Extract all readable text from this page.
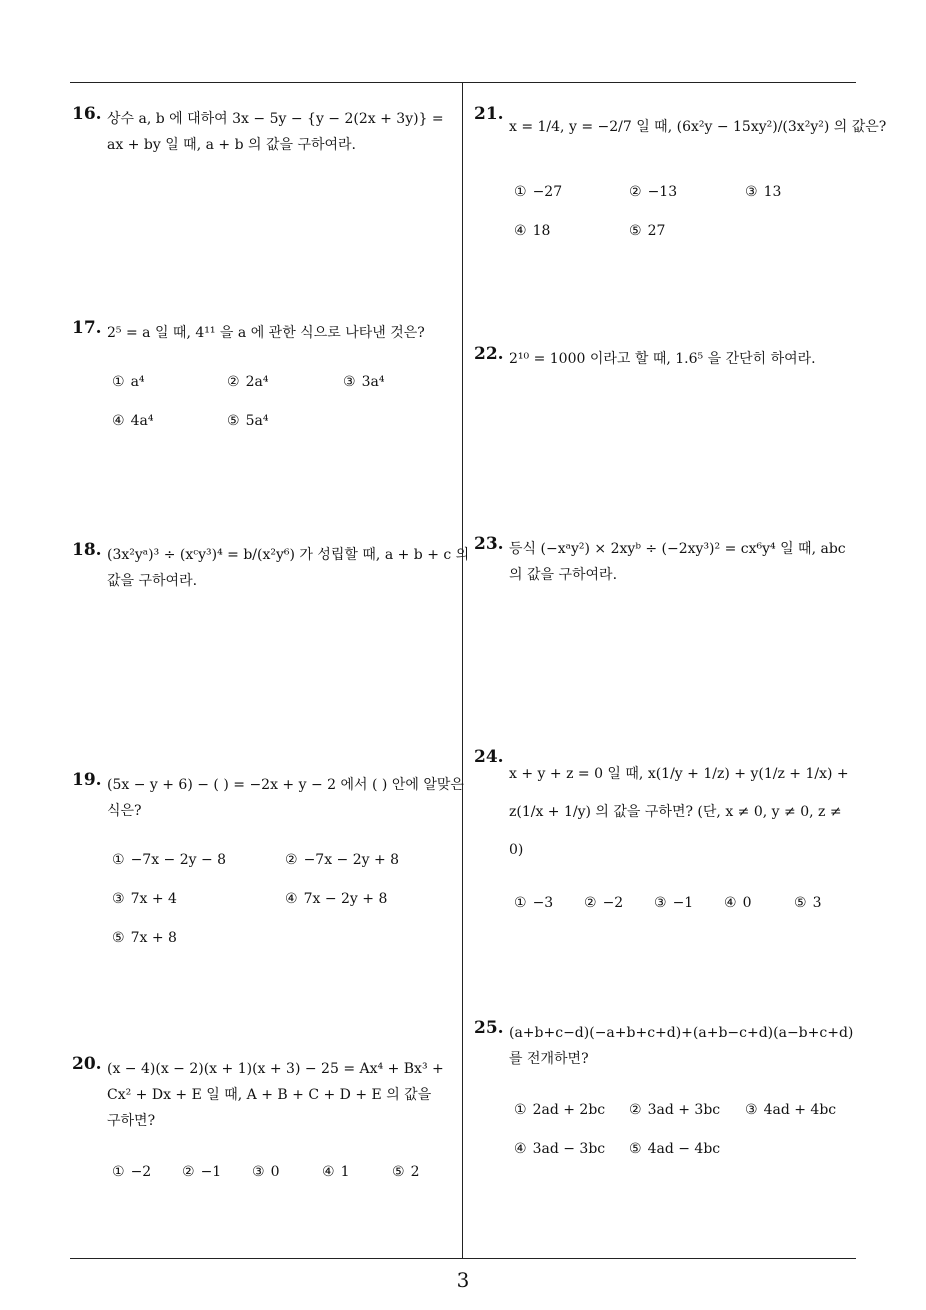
3
16. 상수 a, b 에 대하여 3x − 5y − {y − 2(2x + 3y)} =
ax + by 일 때, a + b 의 값을 구하여라.
17. 2⁵ = a 일 때, 4¹¹ 을 a 에 관한 식으로 나타낸 것은?
① a⁴	② 2a⁴	③ 3a⁴
④ 4a⁴	⑤ 5a⁴
18. (3x²yᵃ)³ ÷ (xᶜy³)⁴ = b/(x²y⁶) 가 성립할 때, a + b + c 의
값을 구하여라.
19. (5x − y + 6) − ( ) = −2x + y − 2 에서 ( ) 안에 알맞은
식은?
① −7x − 2y − 8	② −7x − 2y + 8
③ 7x + 4	④ 7x − 2y + 8
⑤ 7x + 8
20. (x − 4)(x − 2)(x + 1)(x + 3) − 25 = Ax⁴ + Bx³ +
Cx² + Dx + E 일 때, A + B + C + D + E 의 값을
구하면?
① −2 ② −1 ③ 0	④ 1	⑤ 2
21.
x = 1/4, y = −2/7 일 때, (6x²y − 15xy²)/(3x²y²) 의 값은?
① −27	② −13	③ 13
④ 18	⑤ 27
22. 2¹⁰ = 1000 이라고 할 때, 1.6⁵ 을 간단히 하여라.
23. 등식 (−xᵃy²) × 2xyᵇ ÷ (−2xy³)² = cx⁶y⁴ 일 때, abc
의 값을 구하여라.
24.
x + y + z = 0 일 때, x(1/y + 1/z) + y(1/z + 1/x) +
z(1/x + 1/y) 의 값을 구하면? (단, x ≠ 0, y ≠ 0, z ≠
0)
① −3 ② −2 ③ −1 ④ 0	⑤ 3
25. (a+b+c−d)(−a+b+c+d)+(a+b−c+d)(a−b+c+d)
를 전개하면?
① 2ad + 2bc ② 3ad + 3bc ③ 4ad + 4bc
④ 3ad − 3bc ⑤ 4ad − 4bc
